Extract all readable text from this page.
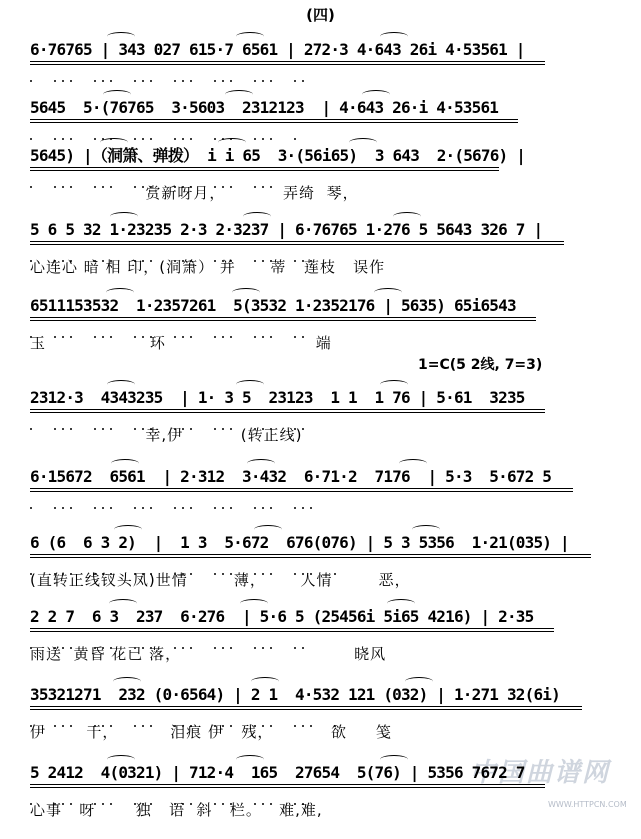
(四)
1=C(5 2线, 7=3)
中国曲谱网
WWW.HTTPCN.COM
6·76765 | 343 027 615·7 6561 | 272·3 4·643 26i 4·53561 |
5645  5·(76765  3·5603  2312123  | 4·643 26·i 4·53561
5645) |（洞箫、弹拨） i i 65  3·(56i65)  3 643  2·(5676) |
赏新呀月，          弄绮  琴，
5 6 5 32 1·23235 2·3 2·3237 | 6·76765 1·276 5 5643 326 7 |
心连心 暗 相 印，(洞箫） 并      蒂   莲枝   误作
6511153532  1·2357261  5(3532 1·2352176 | 5635) 65i6543
玉                  环                          端
2312·3  4343235  | 1· 3 5  23123  1 1  1 76 | 5·61  3235
幸,伊          (转正线)
6·15672  6561  | 2·312  3·432  6·71·2  7176  | 5·3  5·672 5
6 (6  6 3 2)  |  1 3  5·672  676(076) | 5 3 5356  1·21(035) |
(直转正线钗头凤)世情        薄，      人情        恶，
2 2 7  6 3  237  6·276  | 5·6 5 (25456i 5i65 4216) | 2·35
雨送  黄昏 花已 落，                              晓风
35321271  232 (0·6564) | 2 1  4·532 121 (032) | 1·271 32(6i)
伊       干，         泪痕 伊   残，          欲     笺
5 2412  4(0321) | 712·4  165  27654  5(76) | 5356 7672 7
心事   呀       独   语  斜   栏。   难,难,
